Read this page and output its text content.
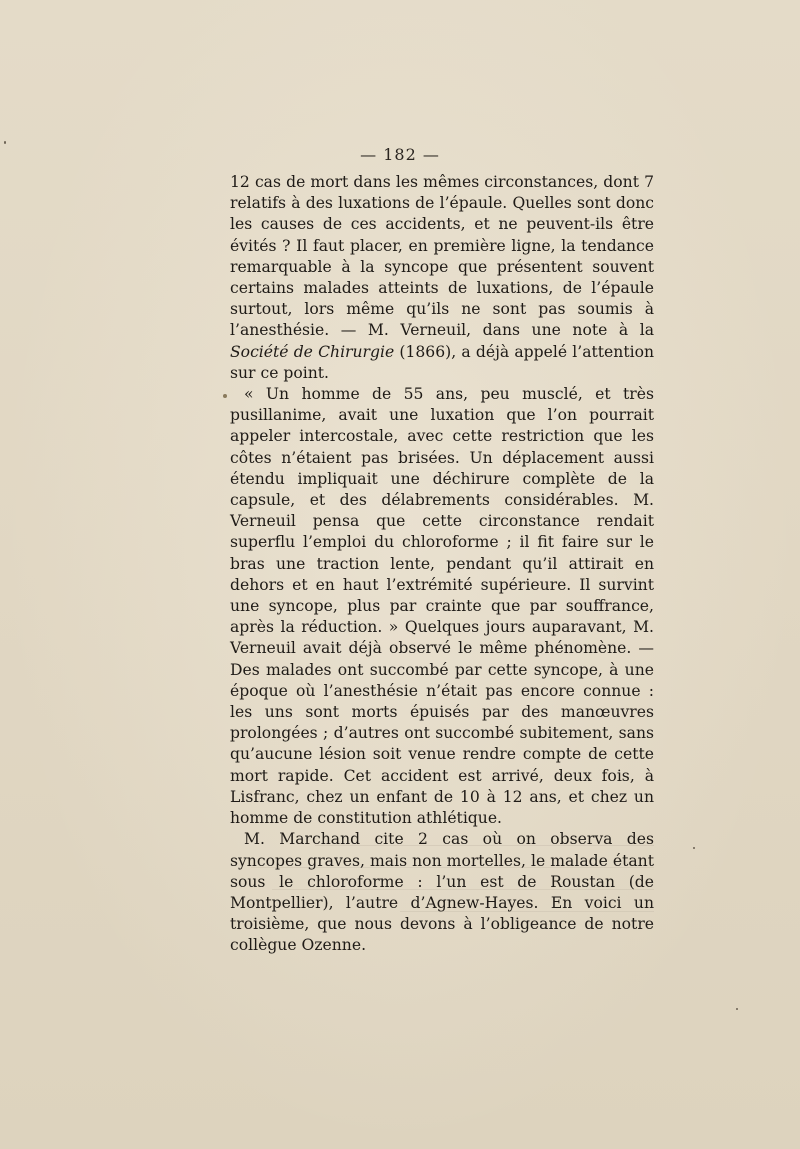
— 182 —

12 cas de mort dans les mêmes circonstances, dont 7 relatifs à des luxations de l’épaule. Quelles sont donc les causes de ces accidents, et ne peuvent-ils être évités ? Il faut placer, en première ligne, la tendance remarquable à la syncope que présentent souvent certains malades atteints de luxations, de l’épaule surtout, lors même qu’ils ne sont pas soumis à l’anesthésie. — M. Verneuil, dans une note à la Société de Chirurgie (1866), a déjà appelé l’attention sur ce point.

« Un homme de 55 ans, peu musclé, et très pusillanime, avait une luxation que l’on pourrait appeler intercostale, avec cette restriction que les côtes n’étaient pas brisées. Un déplacement aussi étendu impliquait une déchirure complète de la capsule, et des délabrements considérables. M. Verneuil pensa que cette circonstance rendait superflu l’emploi du chloroforme ; il fit faire sur le bras une traction lente, pendant qu’il attirait en dehors et en haut l’extrémité supérieure. Il survint une syncope, plus par crainte que par souffrance, après la réduction. » Quelques jours auparavant, M. Verneuil avait déjà observé le même phénomène. — Des malades ont succombé par cette syncope, à une époque où l’anesthésie n’était pas encore connue : les uns sont morts épuisés par des manœuvres prolongées ; d’autres ont succombé subitement, sans qu’aucune lésion soit venue rendre compte de cette mort rapide. Cet accident est arrivé, deux fois, à Lisfranc, chez un enfant de 10 à 12 ans, et chez un homme de constitution athlétique.

M. Marchand cite 2 cas où on observa des syncopes graves, mais non mortelles, le malade étant sous le chloroforme : l’un est de Roustan (de Montpellier), l’autre d’Agnew-Hayes. En voici un troisième, que nous devons à l’obligeance de notre collègue Ozenne.
